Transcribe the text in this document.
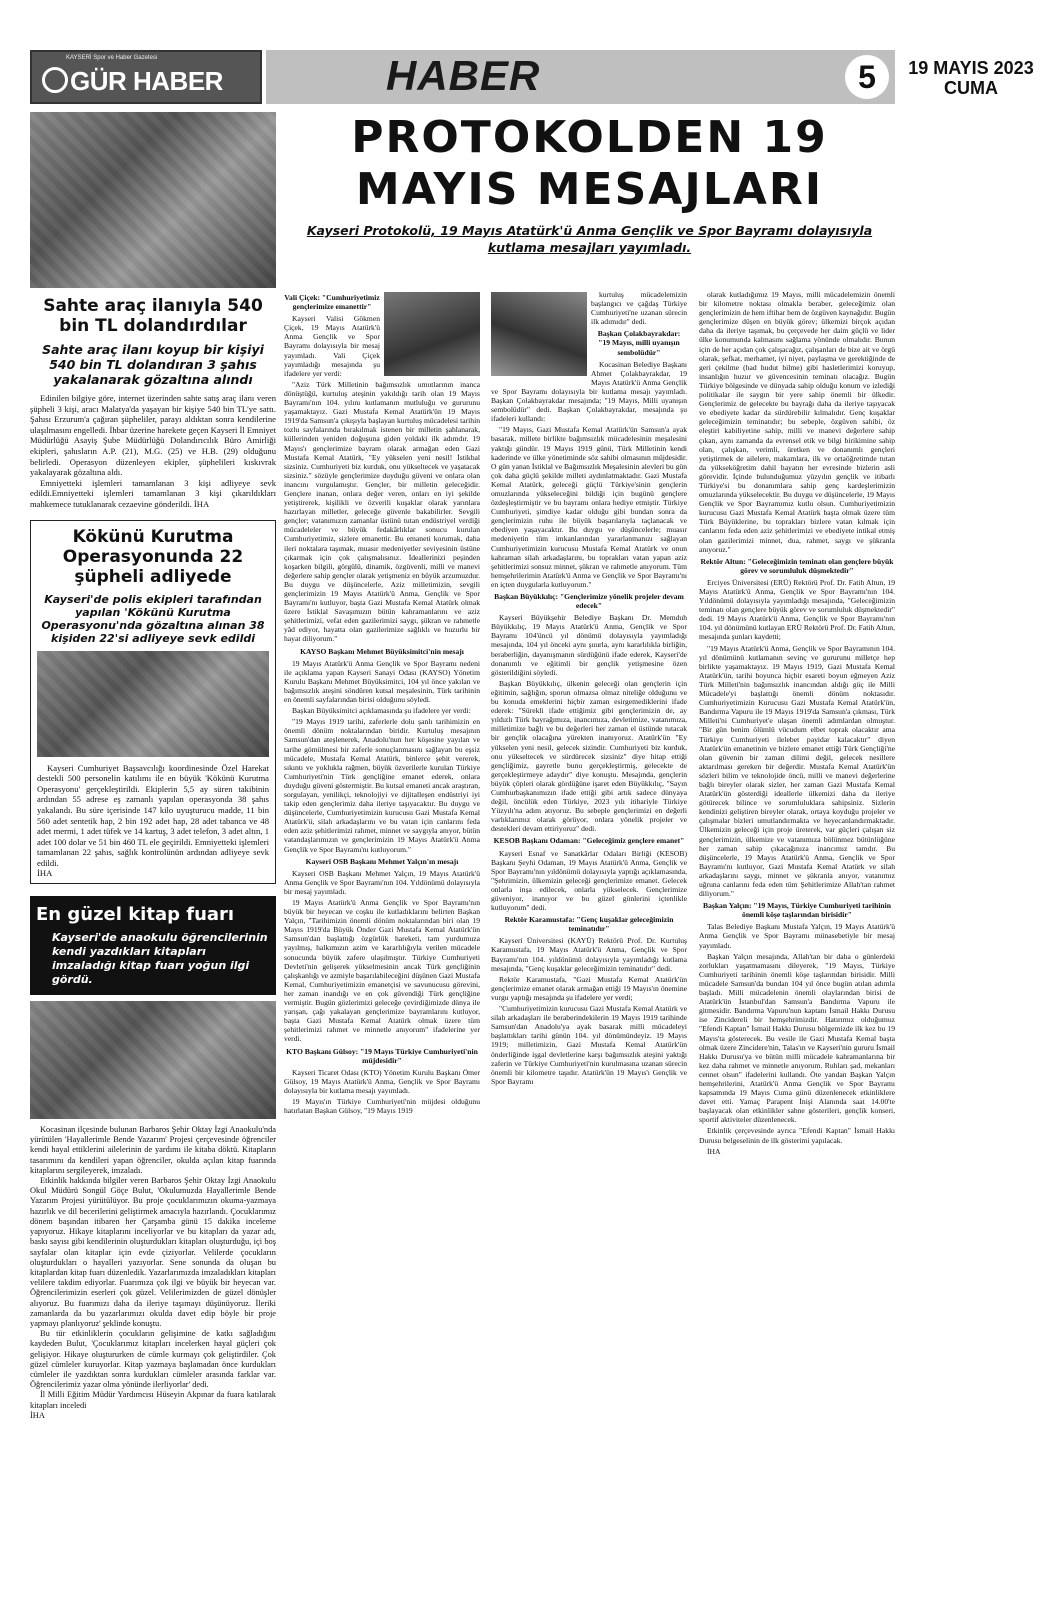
KAYSERİ Spor ve Haber Gazetesi
GÜR HABER	HABER	19 MAYIS 2023
CUMA
5
Sahte araç ilanıyla 540 bin TL dolandırdılar
Sahte araç ilanı koyup bir kişiyi 540 bin TL dolandıran 3 şahıs yakalanarak gözaltına alındı

Edinilen bilgiye göre, internet üzerinden sahte satış araç ilanı veren şüpheli 3 kişi, aracı Malatya'da yaşayan bir kişiye 540 bin TL'ye sattı. Şahısı Erzurum'a çağıran şüpheliler, parayı aldıktan sonra kendilerine ulaşılmasını engelledi. İhbar üzerine harekete geçen Kayseri İl Emniyet Müdürlüğü Asayiş Şube Müdürlüğü Dolandırıcılık Büro Amirliği ekipleri, şahısların A.P. (21), M.G. (25) ve H.B. (29) olduğunu belirledi. Operasyon düzenleyen ekipler, şüphelileri kıskıvrak yakalayarak gözaltına aldı.

Emniyetteki işlemleri tamamlanan 3 kişi adliyeye sevk edildi.Emniyetteki işlemleri tamamlanan 3 kişi çıkarıldıkları mahkemece tutuklanarak cezaevine gönderildi. İHA

Kökünü Kurutma Operasyonunda 22 şüpheli adliyede
Kayseri'de polis ekipleri tarafından yapılan 'Kökünü Kurutma Operasyonu'nda gözaltına alınan 38 kişiden 22'si adliyeye sevk edildi

Kayseri Cumhuriyet Başsavcılığı koordinesinde Özel Harekat destekli 500 personelin katılımı ile en büyük 'Kökünü Kurutma Operasyonu' gerçekleştirildi. Ekiplerin 5,5 ay süren takibinin ardından 55 adrese eş zamanlı yapılan operasyonda 38 şahıs yakalandı. Bu süre içerisinde 147 kilo uyuşturucu madde, 11 bin 560 adet sentetik hap, 2 bin 192 adet hap, 28 adet tabanca ve 48 adet mermi, 1 adet tüfek ve 14 kartuş, 3 adet telefon, 3 adet altın, 1 adet 100 dolar ve 51 bin 460 TL ele geçirildi. Emniyetteki işlemleri tamamlanan 22 şahıs, sağlık kontrolünün ardından adliyeye sevk edildi.

İHA

En güzel kitap fuarı

Kayseri'de anaokulu öğrencilerinin kendi yazdıkları kitapları imzaladığı kitap fuarı yoğun ilgi gördü.

Kocasinan ilçesinde bulunan Barbaros Şehir Oktay İzgi Anaokulu'nda yürütülen 'Hayallerimle Bende Yazarım' Projesi çerçevesinde öğrenciler kendi hayal ettiklerini ailelerinin de yardımı ile kitaba döktü. Kitapların tasarımını da kendileri yapan öğrenciler, okulda açılan kitap fuarında kitaplarını sergileyerek, imzaladı.

Etkinlik hakkında bilgiler veren Barbaros Şehir Oktay İzgi Anaokulu Okul Müdürü Songül Göçe Bulut, 'Okulumuzda Hayallerimle Bende Yazarım Projesi yürütülüyor. Bu proje çocuklarımızın okuma-yazmaya hazırlık ve dil becerilerini geliştirmek amacıyla hazırlandı. Çocuklarımız dönem başından itibaren her Çarşamba günü 15 dakika inceleme yapıyoruz. Hikaye kitaplarını inceliyorlar ve bu kitapları da yazar adı, baskı sayısı gibi kendilerinin oluşturdukları kitapları oluşturduğu, içi boş sayfalar olan kitaplar için evde çiziyorlar. Velilerde çocukların oluşturdukları o hayalleri yazıyorlar. Sene sonunda da oluşan bu kitaplardan kitap fuarı düzenledik. Yazarlarımızda imzaladıkları kitapları velilere takdim ediyorlar. Fuarımıza çok ilgi ve büyük bir heyecan var. Öğrencilerimizin eserleri çok güzel. Velilerimizden de güzel dönüşler alıyoruz. Bu fuarımızı daha da ileriye taşımayı düşünüyoruz. İleriki zamanlarda da bu yazarlarımızı okulda davet edip böyle bir proje yapmayı planlıyoruz' şeklinde konuştu.

Bu tür etkinliklerin çocukların gelişimine de katkı sağladığını kaydeden Bulut, 'Çocuklarımız kitapları incelerken hayal güçleri çok gelişiyor. Hikaye oluştururken de cümle kurmayı çok geliştirdiler. Çok güzel cümleler kuruyorlar. Kitap yazmaya başlamadan önce kurdukları cümleler ile yazdıktan sonra kurdukları cümleler arasında farklar var. Öğrencilerimiz yazar olma yönünde ilerliyorlar' dedi.

İl Milli Eğitim Müdür Yardımcısı Hüseyin Akpınar da fuara katılarak kitapları inceledi

İHA

PROTOKOLDEN 19
MAYIS MESAJLARI
Kayseri Protokolü, 19 Mayıs Atatürk'ü Anma Gençlik ve Spor Bayramı dolayısıyla kutlama mesajları yayımladı.

Vali Çiçek: "Cumhuriyetimiz gençlerimize emanettir"

Kayseri Valisi Gökmen Çiçek, 19 Mayıs Atatürk'ü Anma Gençlik ve Spor Bayramı dolayısıyla bir mesaj yayımladı. Vali Çiçek yayımladığı mesajında şu ifadelere yer verdi:

"Aziz Türk Milletinin bağımsızlık umutlarının inanca dönüştüğü, kurtuluş ateşinin yakıldığı tarih olan 19 Mayıs Bayramı'nın 104. yılını kutlamanın mutluluğu ve gururunu yaşamaktayız. Gazi Mustafa Kemal Atatürk'ün 19 Mayıs 1919'da Samsun'a çıkışıyla başlayan kurtuluş mücadelesi tarihin tozlu sayfalarında bırakılmak istenen bir milletin şahlanarak, küllerinden yeniden doğuşuna giden yoldaki ilk adımdır. 19 Mayıs'ı gençlerimize bayram olarak armağan eden Gazi Mustafa Kemal Atatürk, "Ey yükselen yeni nesil! İstikbal sizsiniz. Cumhuriyeti biz kurduk, onu yükseltecek ve yaşatacak sizsiniz." sözüyle gençlerimize duyduğu güveni ve onlara olan inancını vurgulamıştır. Gençler, bir milletin geleceğidir. Gençlere inanan, onlara değer veren, onları en iyi şekilde yetiştirerek, kişilikli ve özverili kuşaklar olarak yarınlara hazırlayan milletler, geleceğe güvenle bakabilirler. Sevgili gençler; vatanımızın zamanlar üstünü tutan endüstriyel verdiği mücadeleler ve büyük fedakârlıklar sonucu kurulan Cumhuriyetimiz, sizlere emanettir. Bu emaneti korumak, daha ileri noktalara taşımak, muasır medeniyetler seviyesinin üstüne çıkarmak için çok çalışmalısınız. İdeallerinizi peşinden koşarken bilgili, görgülü, dinamik, özgüvenli, milli ve manevi değerlere sahip gençler olarak yetişmeniz en büyük arzumuzdur. Bu duygu ve düşüncelerle, Aziz milletimizin, sevgili gençlerimizin 19 Mayıs Atatürk'ü Anma, Gençlik ve Spor Bayramı'nı kutluyor, başta Gazi Mustafa Kemal Atatürk olmak üzere İstiklal Savaşımızın bütün kahramanlarını ve aziz şehitlerimizi, vefat eden gazilerimizi saygı, şükran ve rahmetle yâd ediyor, hayatta olan gazilerimize sağlıklı ve huzurlu bir hayat diliyorum."

KAYSO Başkanı Mehmet Büyüksimitci'nin mesajı

19 Mayıs Atatürk'ü Anma Gençlik ve Spor Bayramı nedeni ile açıklama yapan Kayseri Sanayi Odası (KAYSO) Yönetim Kurulu Başkanı Mehmet Büyüksimitci, 104 yıl önce yakılan ve bağımsızlık ateşini söndüren kutsal meşalesinin, Türk tarihinin en önemli sayfalarından birisi olduğunu söyledi.

Başkan Büyüksimitci açıklamasında şu ifadelere yer verdi:

"19 Mayıs 1919 tarihi, zaferlerle dolu şanlı tarihimizin en önemli dönüm noktalarından biridir. Kurtuluş mesajının Samsun'dan ateşlenerek, Anadolu'nun her köşesine yayılan ve tarihe gömülmesi bir zaferle sonuçlanmasını sağlayan bu eşsiz mücadele, Mustafa Kemal Atatürk, binlerce şehit vererek, sıkıntı ve yoklukla rağmen, büyük özverilerle kurulan Türkiye Cumhuriyeti'nin Türk gençliğine emanet ederek, onlara duyduğu güveni göstermiştir. Bu kutsal emaneti ancak araştıran, sorgulayan, yenilikçi, teknolojiyi ve dijitalleşen endüstriyi iyi takip eden gençlerimiz daha ileriye taşıyacaktır. Bu duygu ve düşüncelerle, Cumhuriyetimizin kurucusu Gazi Mustafa Kemal Atatürk'ü, silah arkadaşlarını ve bu vatan için canlarını feda eden aziz şehitlerimizi rahmet, minnet ve saygıyla anıyor, bütün vatandaşlarımızın ve gençlerimizin 19 Mayıs Atatürk'ü Anma Gençlik ve Spor Bayramı'nı kutluyorum."

Kayseri OSB Başkanı Mehmet Yalçın'ın mesajı

Kayseri OSB Başkanı Mehmet Yalçın, 19 Mayıs Atatürk'ü Anma Gençlik ve Spor Bayramı'nın 104. Yıldönümü dolayısıyla bir mesaj yayımladı.

19 Mayıs Atatürk'ü Anma Gençlik ve Spor Bayramı'nın büyük bir heyecan ve coşku ile kutladıklarını belirten Başkan Yalçın, "Tarihimizin önemli dönüm noktalarından biri olan 19 Mayıs 1919'da Büyük Önder Gazi Mustafa Kemal Atatürk'ün Samsun'dan başlattığı özgürlük hareketi, tam yurdumuza yayılmış, halkımızın azim ve kararlılığıyla verilen mücadele sonucunda büyük zafere ulaşılmıştır. Türkiye Cumhuriyeti Devleti'nin gelişerek yükselmesinin ancak Türk gençliğinin çalışkanlığı ve azmiyle başarılabileceğini düşünen Gazi Mustafa Kemal, Cumhuriyetimizin emanetçisi ve savunucusu görevini, her zaman inandığı ve en çok güvendiği Türk gençliğine vermiştir. Bugün gözlerimizi geleceğe çevirdiğimizde dünya ile yarışan, çağı yakalayan gençlerimize bayramlarını kutluyor, başta Gazi Mustafa Kemal Atatürk olmak üzere tüm şehitlerimizi rahmet ve minnetle anıyorum" ifadelerine yer verdi.

KTO Başkanı Gülsoy: "19 Mayıs Türkiye Cumhuriyeti'nin müjdesidir"

Kayseri Ticaret Odası (KTO) Yönetim Kurulu Başkanı Ömer Gülsoy, 19 Mayıs Atatürk'ü Anma, Gençlik ve Spor Bayramı dolayısıyla bir kutlama mesajı yayımladı.

19 Mayıs'ın Türkiye Cumhuriyeti'nin müjdesi olduğunu hatırlatan Başkan Gülsoy, "19 Mayıs 1919

kurtuluş mücadelemizin başlangıcı ve çağdaş Türkiye Cumhuriyeti'ne uzanan sürecin ilk adımıdır" dedi.

Başkan Çolakbayrakdar: "19 Mayıs, milli uyanışın sembolüdür"

Kocasinan Belediye Başkanı Ahmet Çolakbayrakdar, 19 Mayıs Atatürk'ü Anma Gençlik ve Spor Bayramı dolayısıyla bir kutlama mesajı yayımladı. Başkan Çolakbayrakdar mesajında; "19 Mayıs, Milli uyanışın sembolüdür" dedi. Başkan Çolakbayrakdar, mesajında şu ifadeleri kullandı:

"19 Mayıs, Gazi Mustafa Kemal Atatürk'ün Samsun'a ayak basarak, millete birlikte bağımsızlık mücadelesinin meşalesini yaktığı gündür. 19 Mayıs 1919 günü, Türk Milletinin kendi kaderinde ve ülke yönetiminde söz sahibi olmasının müjdesidir. O gün yanan İstiklal ve Bağımsızlık Meşalesinin alevleri bu gün çok daha güçlü şekilde milleti aydınlatmaktadır. Gazi Mustafa Kemal Atatürk, geleceği güçlü Türkiye'sinin gençlerin omuzlarında yükseleceğini bildiği için bugünü gençlere özdeşleştirmiştir ve bu bayramı onlara hediye etmiştir. Türkiye Cumhuriyeti, şimdiye kadar olduğu gibi bundan sonra da gençlerimizin ruhu ile büyük başarılarıyla taçlanacak ve ebediyen yaşayacaktır. Bu duygu ve düşüncelerle; muasır medeniyetin tüm imkanlarından yararlanmanızı sağlayan Cumhuriyetimizin kurucusu Mustafa Kemal Atatürk ve onun kahraman silah arkadaşlarını, bu toprakları vatan yapan aziz şehitlerimizi sonsuz minnet, şükran ve rahmetle anıyorum. Tüm hemşehrilerimin Atatürk'ü Anma ve Gençlik ve Spor Bayramı'nı en içten duygularla kutluyorum."

Başkan Büyükkılıç: "Gençlerimize yönelik projeler devam edecek"

Kayseri Büyükşehir Belediye Başkanı Dr. Memduh Büyükkılıç, 19 Mayıs Atatürk'ü Anma, Gençlik ve Spor Bayramı 104'üncü yıl dönümü dolayısıyla yayımladığı mesajında, 104 yıl önceki aynı şuurla, aynı kararlılıkla birliğin, beraberliğin, dayanışmanın sürdüğünü ifade ederek, Kayseri'de donanımlı ve eğitimli bir gençlik yetişmesine özen gösterildiğini söyledi.

Başkan Büyükkılıç, ülkenin geleceği olan gençlerin için eğitimin, sağlığın, sporun olmazsa olmaz niteliğe olduğunu ve bu konuda emeklerini hiçbir zaman esirgemediklerini ifade ederek: "Sürekli ifade ettiğimiz gibi gençlerimizin de, ay yıldızlı Türk bayrağımıza, inancımıza, devletimize, vatanımıza, milletimize bağlı ve bu değerleri her zaman el üstünde tutacak bir gençlik olacağına yürekten inanıyoruz. Atatürk'ün "Ey yükselen yeni nesil, gelecek sizindir. Cumhuriyeti biz kurduk, onu yükseltecek ve sürdürecek sizsiniz" diye hitap ettiği gençliğimiz, gayretle bunu gerçekleştirmiş, gelecekte de gerçekleştirmeye adaydır" diye konuştu. Mesajında, gençlerin büyük çöpleri olarak gördüğüne işaret eden Büyükkılıç, "Sayın Cumhurbaşkanımızın ifade ettiği gibi artık sadece dünyaya değil, öncülük eden Türkiye, 2023 yılı itibariyle Türkiye Yüzyılı'na adım atıyoruz. Bu sebeple gençlerimizi en değerli varlıklarımız olarak görüyor, onlara yönelik projeler ve destekleri devam ettiriyoruz" dedi.

KESOB Başkanı Odaman: "Geleceğimiz gençlere emanet"

Kayseri Esnaf ve Sanatkârlar Odaları Birliği (KESOB) Başkanı Şeyhi Odaman, 19 Mayıs Atatürk'ü Anma, Gençlik ve Spor Bayramı'nın yıldönümü dolayısıyla yaptığı açıklamasında, "Şehrimizin, ülkemizin geleceği gençlerimize emanet. Gelecek onlarla inşa edilecek, onlarla yükselecek. Gençlerimize güveniyor, inanıyor ve bu güzel günlerini içtenlikle kutluyorum" dedi.

Rektör Karamustafa: "Genç kuşaklar geleceğimizin teminatıdır"

Kayseri Üniversitesi (KAYÜ) Rektörü Prof. Dr. Kurtuluş Karamustafa, 19 Mayıs Atatürk'ü Anma, Gençlik ve Spor Bayramı'nın 104. yıldönümü dolayısıyla yayımladığı kutlama mesajında, "Genç kuşaklar geleceğimizin teminatıdır" dedi.

Rektör Karamustafa, "Gazi Mustafa Kemal Atatürk'ün gençlerimize emanet olarak armağan ettiği 19 Mayıs'ın önemine vurgu yaptığı mesajında şu ifadelere yer verdi;

"Cumhuriyetimizin kurucusu Gazi Mustafa Kemal Atatürk ve silah arkadaşları ile beraberindekilerin 19 Mayıs 1919 tarihinde Samsun'dan Anadolu'ya ayak basarak milli mücadeleyi başlattıkları tarihi günün 104. yıl dönümündeyiz. 19 Mayıs 1919; milletimizin, Gazi Mustafa Kemal Atatürk'ün önderliğinde işgal devletlerine karşı bağımsızlık ateşini yaktığı zaferin ve Türkiye Cumhuriyeti'nin kurulmasına uzanan sürecin önemli bir kilometre taşıdır. Atatürk'ün 19 Mayıs'ı Gençlik ve Spor Bayramı

olarak kutladığımız 19 Mayıs, milli mücadelemizin önemli bir kilometre noktası olmakla beraber, geleceğimiz olan gençlerimizin de hem iftihar hem de özgüven kaynağıdır. Bugün gençlerimize düşen en büyük görev; ülkemizi birçok açıdan daha da ileriye taşımak, bu çerçevede her daim güçlü ve lider ülke konumunda kalmasını sağlama yönünde olmalıdır. Bunun için de her açıdan çok çalışacağız, çalışanları de bize ait ve örgü olarak, şefkat, merhamet, iyi niyet, paylaşma ve gerektiğinde de geri çekilme (had hudut bilme) gibi hasletlerimizi koruyup, insanlığın huzur ve güvencesinin teminatı olacağız. Bugün Türkiye bölgesinde ve dünyada sahip olduğu konum ve izlediği politikalar ile saygın bir yere sahip önemli bir ülkedir. Gençlerimiz de gelecekte bu bayrağı daha da ileriye taşıyacak ve ebediyete kadar da sürdürebilir kılmalıdır. Genç kuşaklar geleceğimizin teminatıdır; bu sebeple, özgüven sahibi, öz eleştiri kabiliyetine sahip, milli ve manevi değerlere sahip çıkan, aynı zamanda da evrensel etik ve bilgi birikimine sahip olan, çalışkan, verimli, üretken ve donanımlı gençleri yetiştirmek de ailelere, makamlara, ilk ve ortaöğretimde tutan da yükseköğretim dahil hayatın her evresinde bizlerin asli görevidir. İçinde bulunduğumuz yüzyılın gençlik ve itibarlı Türkiye'si bu donanımlara sahip genç kardeşlerimizin omuzlarında yükselecektir. Bu duygu ve düşüncelerle, 19 Mayıs Gençlik ve Spor Bayramımız kutlu olsun. Cumhuriyetimizin kurucusu Gazi Mustafa Kemal Atatürk başta olmak üzere tüm Türk Büyüklerine, bu toprakları bizlere vatan kılmak için canlarını feda eden aziz şehitlerimizi ve ebediyete intikal etmiş olan gazilerimizi minnet, dua, rahmet, saygı ve şükranla anıyoruz."

Rektör Altun: "Geleceğimizin teminatı olan gençlere büyük görev ve sorumluluk düşmektedir"

Erciyes Üniversitesi (ERÜ) Rektörü Prof. Dr. Fatih Altun, 19 Mayıs Atatürk'ü Anma, Gençlik ve Spor Bayramı'nın 104. Yıldönümü dolayısıyla yayımladığı mesajında, "Geleceğimizin teminatı olan gençlere büyük görev ve sorumluluk düşmektedir" dedi. 19 Mayıs Atatürk'ü Anma, Gençlik ve Spor Bayramı'nın 104. yıl dönümünü kutlayan ERÜ Rektörü Prof. Dr. Fatih Altun, mesajında şunları kaydetti;

"19 Mayıs Atatürk'ü Anma, Gençlik ve Spor Bayramının 104. yıl dönümünü kutlamanın sevinç ve gururunu milletçe hep birlikte yaşamaktayız. 19 Mayıs 1919, Gazi Mustafa Kemal Atatürk'ün, tarihi boyunca hiçbir esareti boyun eğmeyen Aziz Türk Milleti'nin bağımsızlık inancından aldığı güç ile Milli Mücadele'yi başlattığı önemli dönüm noktasıdır. Cumhuriyetimizin Kurucusu Gazi Mustafa Kemal Atatürk'ün, Bandırma Vapuru ile 19 Mayıs 1919'da Samsun'a çıkması, Türk Milleti'ni Cumhuriyet'e ulaşan önemli adımlardan olmuştur. "Bir gün benim ölümlü vücudum elbet toprak olacaktır ama Türkiye Cumhuriyeti ilelebet payidar kalacaktır" diyen Atatürk'ün emanetinin ve bizlere emanet ettiği Türk Gençliği'ne olan güvenin bir zaman dilimi değil, gelecek nesillere aktarılması gereken bir değerdir. Mustafa Kemal Atatürk'ün sözleri bilim ve teknolojide öncü, milli ve manevi değerlerine bağlı bireyler olarak sizler, her zaman Gazi Mustafa Kemal Atatürk'ün gösterdiği ideallerle ülkemizi daha da ileriye götürecek bilince ve sorumluluklara sahipsiniz. Sizlerin kendinizi geliştiren bireyler olarak, ortaya koyduğu projeler ve çalışmalar bizleri umutlandırmakta ve heyecanlandırmaktadır. Ülkemizin geleceği için proje üreterek, var güçleri çalışan siz gençlerimizin, ülkemize ve vatanımıza bölünmez bütünlüğüne her zaman sahip çıkacağınıza inancımız tamdır. Bu düşüncelerle, 19 Mayıs Atatürk'ü Anma, Gençlik ve Spor Bayramı'nı kutluyor, Gazi Mustafa Kemal Atatürk ve silah arkadaşlarını saygı, minnet ve şükranla anıyor, vatanımız uğruna canlarını feda eden tüm Şehitlerimize Allah'tan rahmet diliyorum."

Başkan Yalçın: "19 Mayıs, Türkiye Cumhuriyeti tarihinin önemli köşe taşlarından birisidir"

Talas Belediye Başkanı Mustafa Yalçın, 19 Mayıs Atatürk'ü Anma Gençlik ve Spor Bayramı münasebetiyle bir mesaj yayımladı.

Başkan Yalçın mesajında, Allah'tan bir daha o günlerdeki zorlukları yaşatmamasını dileyerek, "19 Mayıs, Türkiye Cumhuriyeti tarihinin önemli köşe taşlarından birisidir. Milli mücadele Samsun'da bundan 104 yıl önce bugün atılan adımla başladı. Milli mücadelenin önemli olaylarından birisi de Atatürk'ün İstanbul'dan Samsun'a Bandırma Vapuru ile gitmesidir. Bandırma Vapuru'nun kaptanı İsmail Hakkı Durusu ise Zincidereli bir hemşehrimizdir. Hatırımız olduğumuz "Efendi Kaptan" İsmail Hakkı Durusu bölgemizde ilk kez bu 19 Mayıs'ta gösterecek. Bu vesile ile Gazi Mustafa Kemal başta olmak üzere Zincidere'nin, Talas'ın ve Kayseri'nin gururu İsmail Hakkı Durusu'ya ve bütün milli mücadele kahramanlarına bir kez daha rahmet ve minnetle anıyorum. Ruhları şad, mekanları cennet olsun" ifadelerini kullandı. Öte yandan Başkan Yalçın hemşehrilerini, Atatürk'ü Anma Gençlik ve Spor Bayramı kapsamında 19 Mayıs Cuma günü düzenlenecek etkinliklere davet etti. Yamaç Parapent İnişi Alanında saat 14.00'te başlayacak olan etkinlikler sahne gösterileri, gençlik konseri, sportif aktiviteler düzenlenecek.

Etkinlik çerçevesinde ayrıca "Efendi Kaptan" İsmail Hakkı Durusu belgeselinin de ilk gösterimi yapılacak.

İHA
